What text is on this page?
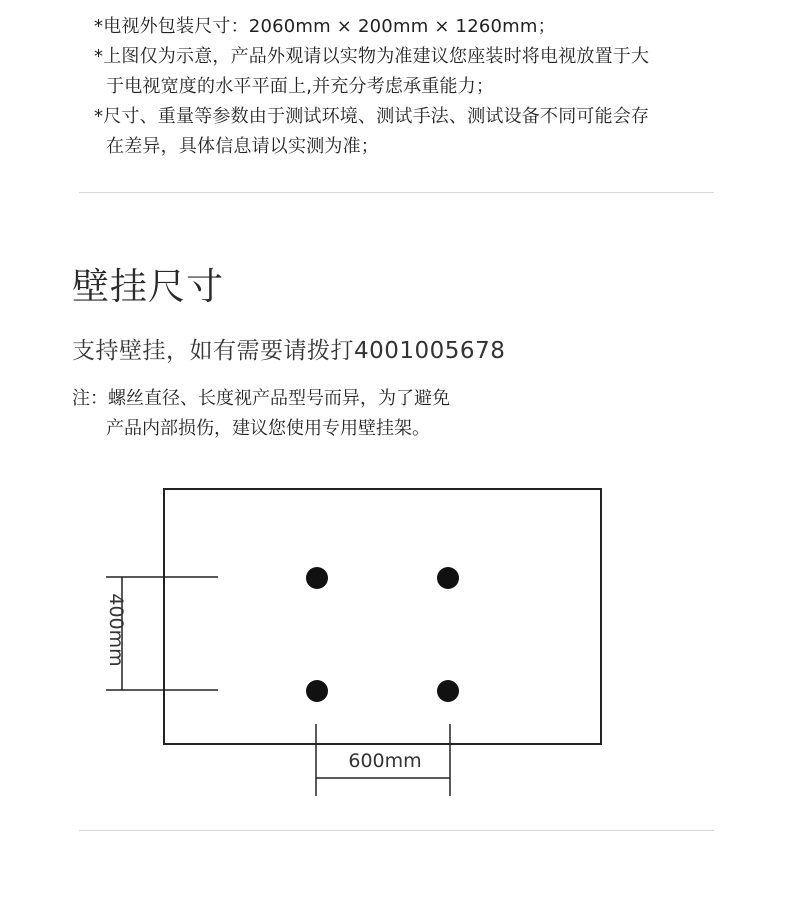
*电视外包装尺寸：2060mm × 200mm × 1260mm；
*上图仅为示意，产品外观请以实物为准建议您座装时将电视放置于大
于电视宽度的水平平面上,并充分考虑承重能力；
*尺寸、重量等参数由于测试环境、测试手法、测试设备不同可能会存
在差异，具体信息请以实测为准；
壁挂尺寸
支持壁挂，如有需要请拨打4001005678
注：螺丝直径、长度视产品型号而异，为了避免
产品内部损伤，建议您使用专用壁挂架。
400mm
600mm
